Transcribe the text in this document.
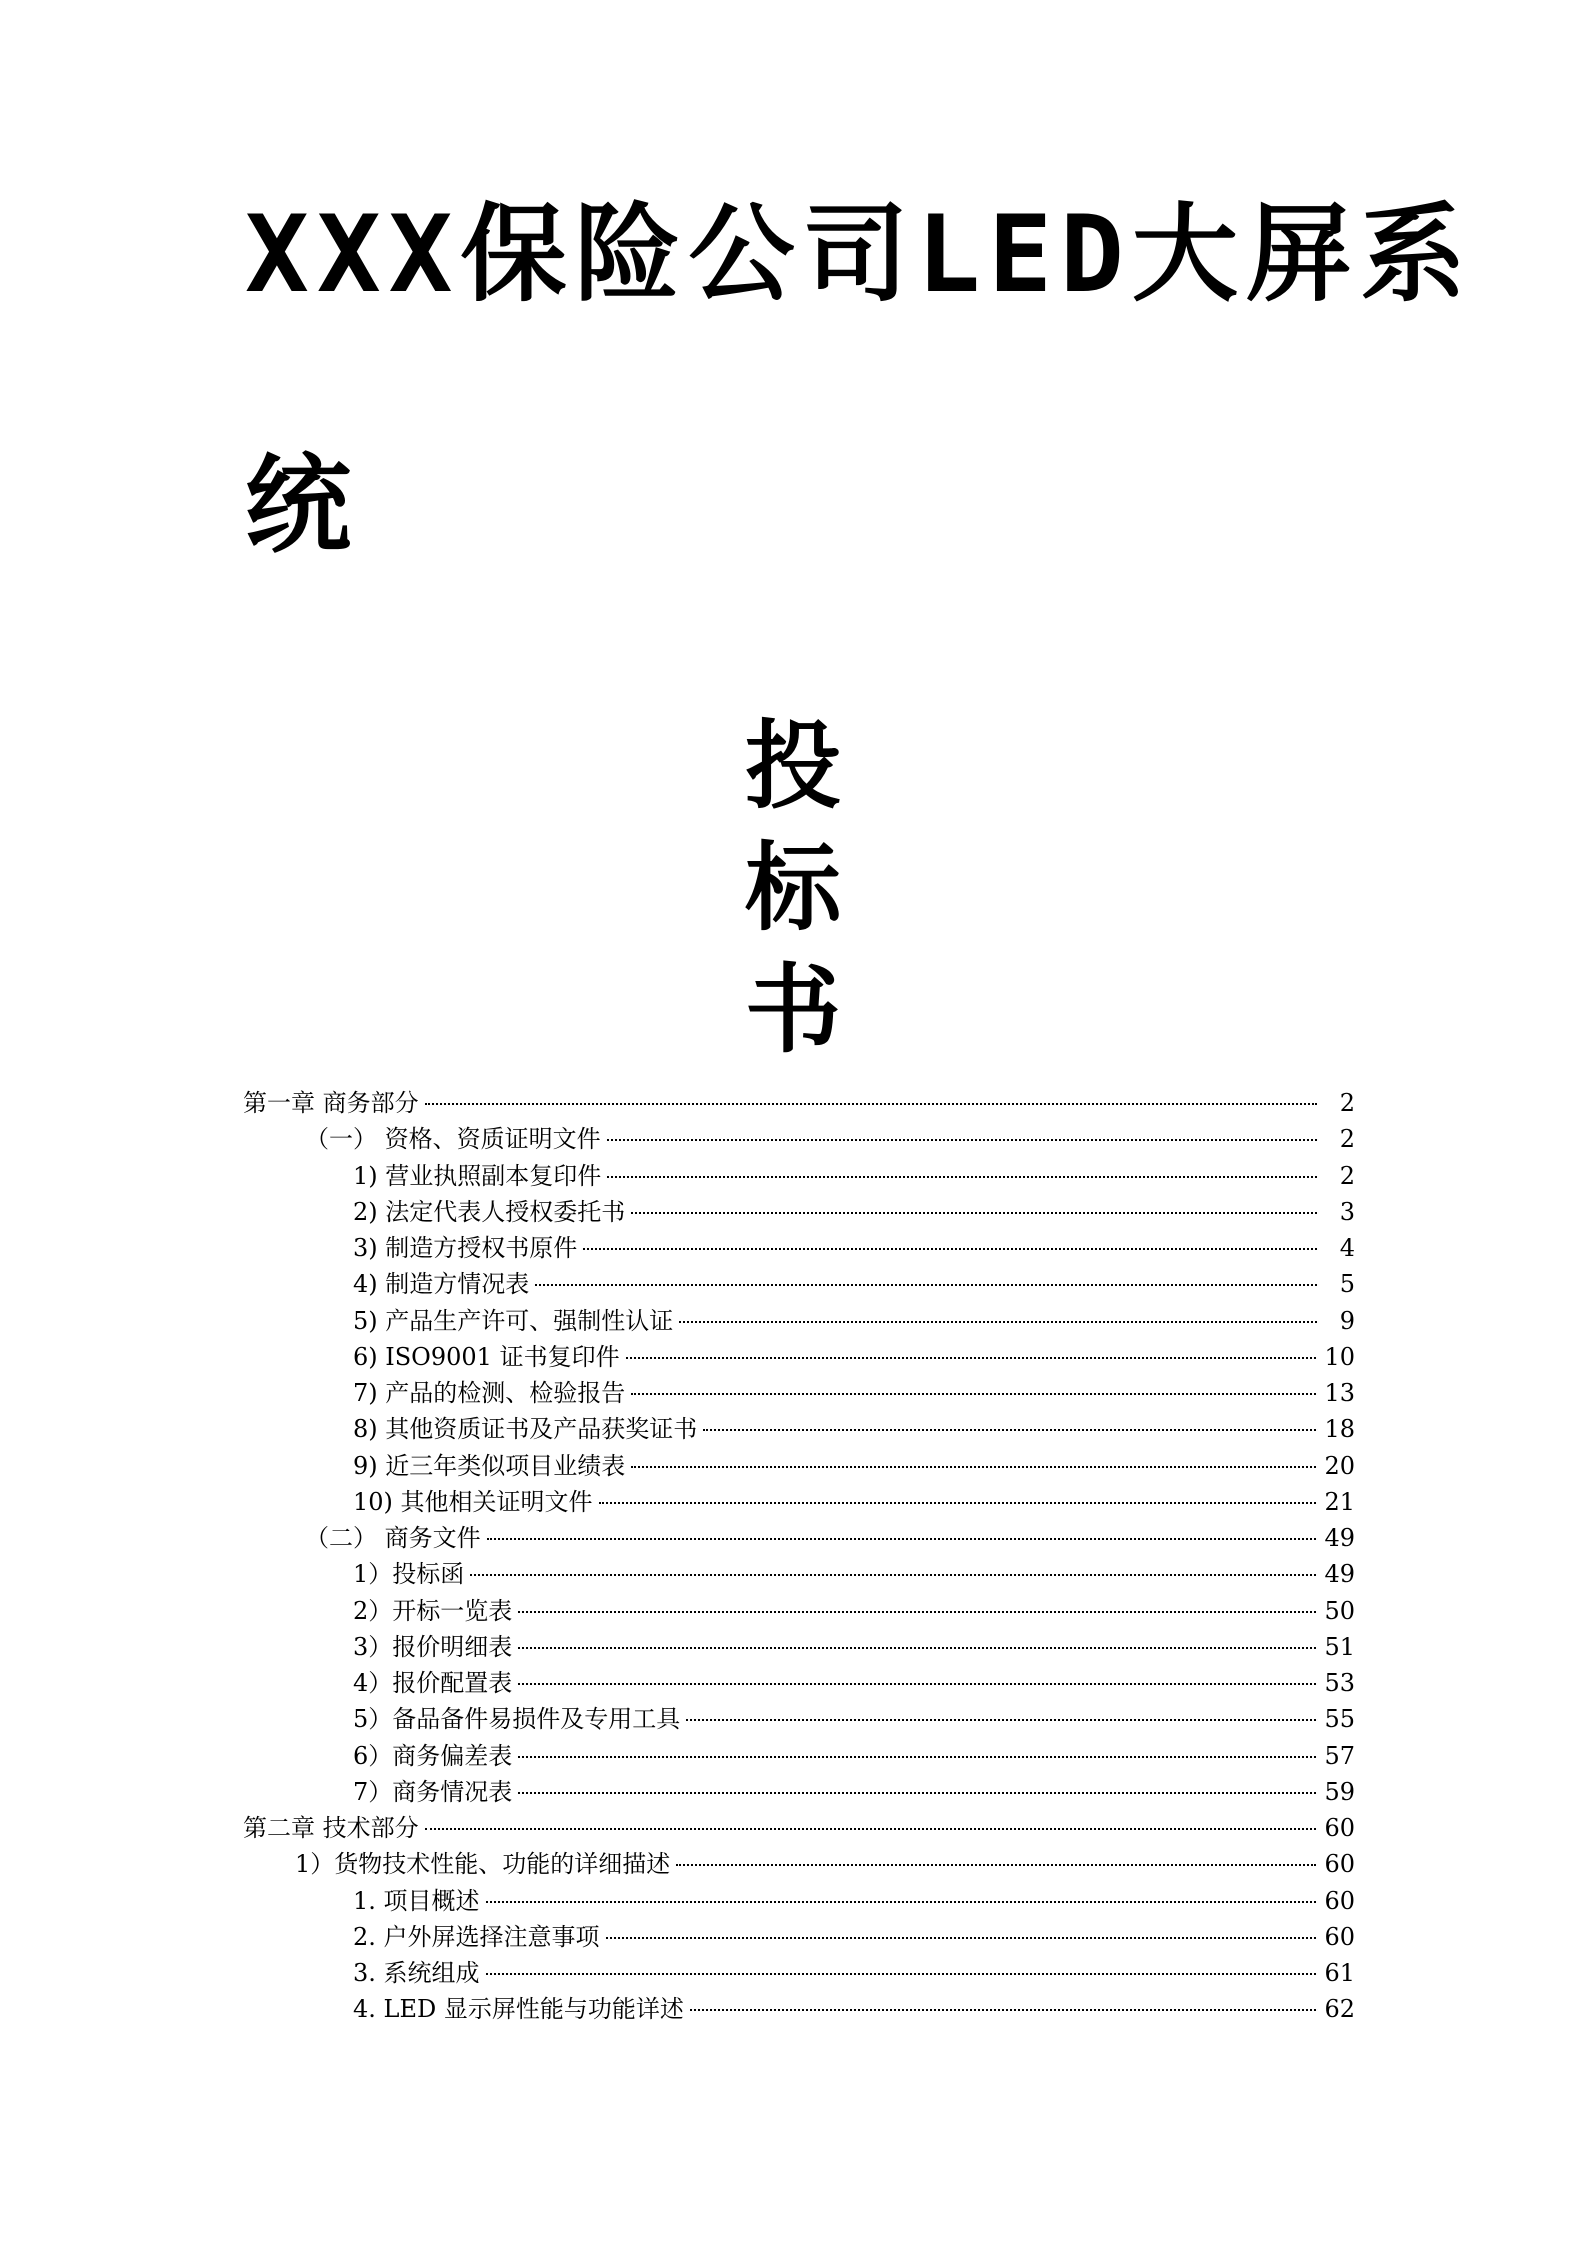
XXX保险公司LED大屏系
统
投
标
书
第一章 商务部分	2
（一） 资格、资质证明文件	2
1) 营业执照副本复印件	2
2) 法定代表人授权委托书	3
3) 制造方授权书原件	4
4) 制造方情况表	5
5) 产品生产许可、强制性认证	9
6) ISO9001 证书复印件	10
7) 产品的检测、检验报告	13
8) 其他资质证书及产品获奖证书	18
9) 近三年类似项目业绩表	20
10) 其他相关证明文件	21
（二） 商务文件	49
1）投标函	49
2）开标一览表	50
3）报价明细表	51
4）报价配置表	53
5）备品备件易损件及专用工具	55
6）商务偏差表	57
7）商务情况表	59
第二章 技术部分	60
1）货物技术性能、功能的详细描述	60
1. 项目概述	60
2. 户外屏选择注意事项	60
3. 系统组成	61
4. LED 显示屏性能与功能详述	62
